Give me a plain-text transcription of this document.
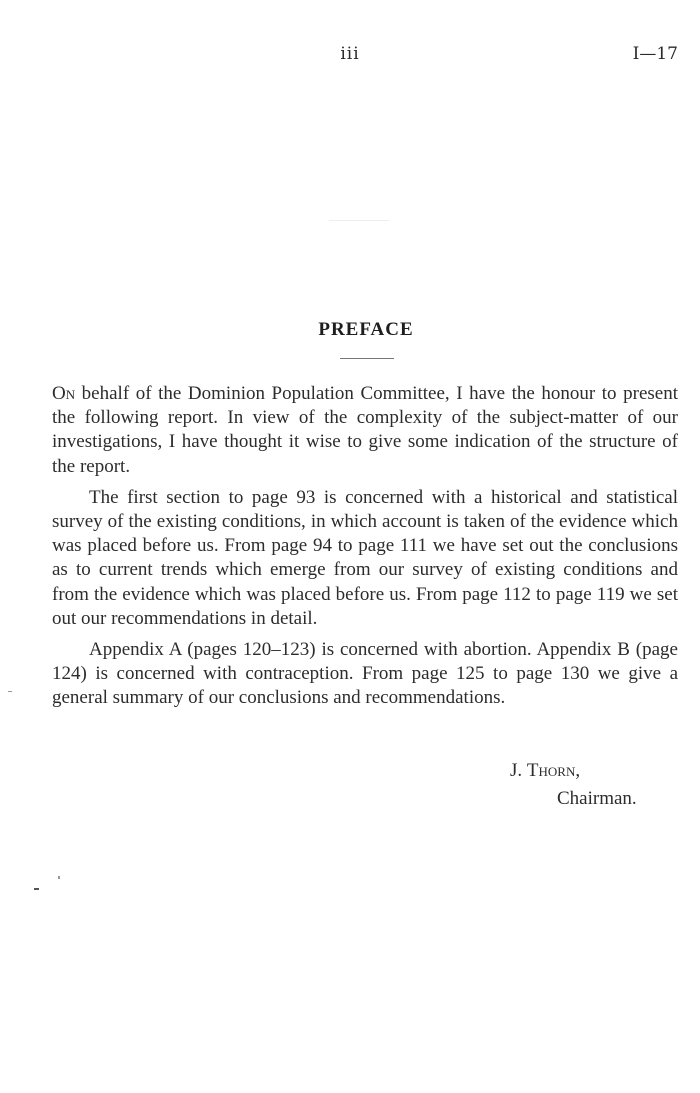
iii	I—17
PREFACE

On behalf of the Dominion Population Committee, I have the honour to present the following report. In view of the complexity of the subject-matter of our investigations, I have thought it wise to give some indication of the structure of the report.

The first section to page 93 is concerned with a historical and statistical survey of the existing conditions, in which account is taken of the evidence which was placed before us. From page 94 to page 111 we have set out the conclusions as to current trends which emerge from our survey of existing conditions and from the evidence which was placed before us. From page 112 to page 119 we set out our recommendations in detail.

Appendix A (pages 120–123) is concerned with abortion. Appendix B (page 124) is concerned with contraception. From page 125 to page 130 we give a general summary of our conclusions and recommendations.

J. Thorn,
Chairman.
